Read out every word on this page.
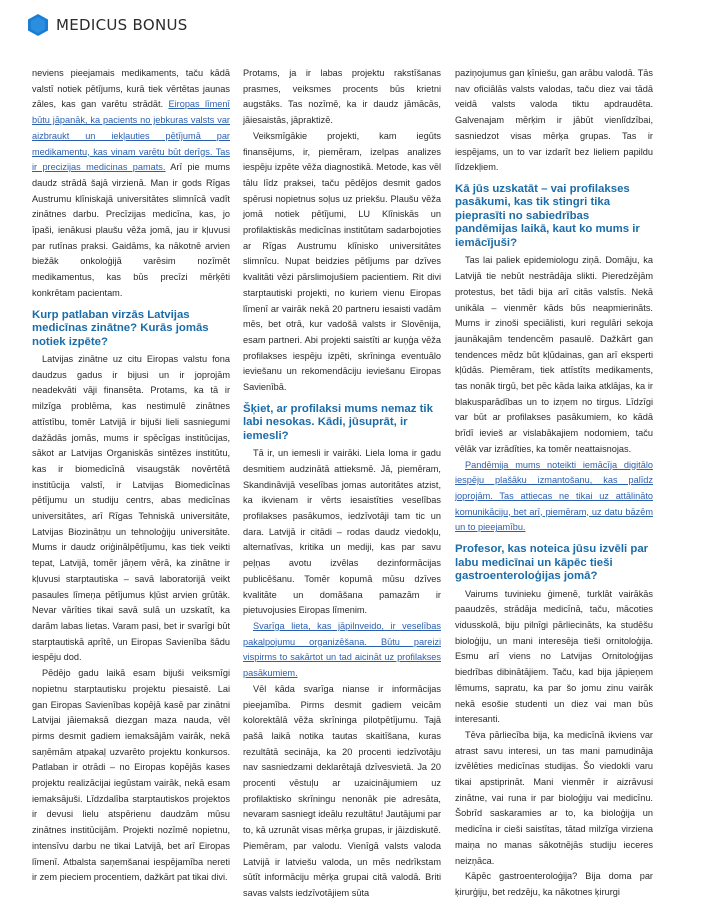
MEDICUS BONUS

neviens pieejamais medikaments, taču kādā valstī notiek pētījums, kurā tiek vērtētas jaunas zāles, kas gan varētu strādāt. Eiropas līmenī būtu jāpanāk, ka pacients no jebkuras valsts var aizbraukt un iekļauties pētījumā par medikamentu, kas vinam varētu būt derīgs. Tas ir precizijas medicinas pamats. Arī pie mums daudz strādā šajā virzienā. Man ir gods Rīgas Austrumu klīniskajā universitātes slimnīcā vadīt zinātnes darbu. Precīzijas medicīna, kas, jo īpaši, ienākusi plaušu vēža jomā, jau ir kļuvusi par rutīnas praksi. Gaidāms, ka nākotnē arvien biežāk onkoloģijā varēsim nozīmēt medikamentus, kas būs precīzi mērķēti konkrētam pacientam.

Kurp patlaban virzās Latvijas medicīnas zinātne? Kurās jomās notiek izpēte?

Latvijas zinātne uz citu Eiropas valstu fona daudzus gadus ir bijusi un ir joprojām neadekvāti vāji finansēta. Protams, ka tā ir milzīga problēma, kas nestimulē zinātnes attīstību, tomēr Latvijā ir bijuši lieli sasniegumi dažādās jomās, mums ir spēcīgas institūcijas, sākot ar Latvijas Organiskās sintēzes institūtu, kas ir biomedicīnā visaugstāk novērtētā institūcija valstī, ir Latvijas Biomedicīnas pētījumu un studiju centrs, abas medicīnas universitātes, arī Rīgas Tehniskā universitāte, Latvijas Biozinātņu un tehnoloģiju universitāte. Mums ir daudz oriģinālpētījumu, kas tiek veikti tepat, Latvijā, tomēr jāņem vērā, ka zinātne ir kļuvusi starptautiska – savā laboratorijā veikt pasaules līmeņa pētījumus kļūst arvien grūtāk. Nevar vārīties tikai savā sulā un uzskatīt, ka darām labas lietas. Varam pasi, bet ir svarīgi būt starptautiskā aprītē, un Eiropas Savienība šādu iespēju dod.

Pēdējo gadu laikā esam bijuši veiksmīgi nopietnu starptautisku projektu piesaistē. Lai gan Eiropas Savienības kopējā kasē par zinātni Latvijai jāiemaksā diezgan maza nauda, vēl pirms desmit gadiem iemaksājām vairāk, nekā saņēmām atpakaļ uzvarēto projektu konkursos. Patlaban ir otrādi – no Eiropas kopējās kases projektu realizācijai iegūstam vairāk, nekā esam iemaksājuši. Līdzdalība starptautiskos projektos ir devusi lielu atspērienu daudzām mūsu zinātnes institūcijām. Projekti nozīmē nopietnu, intensīvu darbu ne tikai Latvijā, bet arī Eiropas līmenī. Atbalsta saņemšanai iespējamība nereti ir zem pieciem procentiem, dažkārt pat tikai divi.

Protams, ja ir labas projektu rakstīšanas prasmes, veiksmes procents būs krietni augstāks. Tas nozīmē, ka ir daudz jāmācās, jāiesaistās, jāpraktizē.

Veiksmīgākie projekti, kam iegūts finansējums, ir, piemēram, izelpas analizes iespēju izpēte vēža diagnostikā. Metode, kas vēl tālu līdz praksei, taču pēdējos desmit gados spērusi nopietnus soļus uz priekšu. Plaušu vēža jomā notiek pētījumi, LU Klīniskās un profilaktiskās medicīnas institūtam sadarbojoties ar Rīgas Austrumu klīnisko universitātes slimnīcu. Nupat beidzies pētījums par dzīves kvalitāti vēzi pārslimojušiem pacientiem. Rit divi starptautiski projekti, no kuriem vienu Eiropas līmenī ar vairāk nekā 20 partneru iesaisti vadām mēs, bet otrā, kur vadošā valsts ir Slovēnija, esam partneri. Abi projekti saistīti ar kuņģa vēža profilakses iespēju izpēti, skrīninga eventuālo ieviešanu un rekomendāciju ieviešanu Eiropas Savienībā.

Šķiet, ar profilaksi mums nemaz tik labi nesokas. Kādi, jūsuprāt, ir iemesli?

Tā ir, un iemesli ir vairāki. Liela loma ir gadu desmitiem audzinātā attieksmē. Jā, piemēram, Skandināvijā veselības jomas autoritātes atzist, ka ikvienam ir vērts iesaistīties veselības profilakses pasākumos, iedzīvotāji tam tic un dara. Latvijā ir citādi – rodas daudz viedokļu, alternatīvas, kritika un mediji, kas par savu peļņas avotu izvēlas dezinformācijas publicēšanu. Tomēr kopumā mūsu dzīves kvalitāte un domāšana pamazām ir pietuvojusies Eiropas līmenim.

Svarīga lieta, kas jāpilnveido, ir veselības pakalpojumu organizēšana. Būtu pareizi vispirms to sakārtot un tad aicināt uz profilakses pasākumiem.

Vēl kāda svarīga nianse ir informācijas pieejamība. Pirms desmit gadiem veicām kolorektālā vēža skrīninga pilotpētījumu. Tajā pašā laikā notika tautas skaitīšana, kuras rezultātā secināja, ka 20 procenti iedzīvotāju nav sasniedzami deklarētajā dzīvesvietā. Ja 20 procenti vēstuļu ar uzaicinājumiem uz profilaktisko skrīningu nenonāk pie adresāta, nevaram sasniegt ideālu rezultātu! Jautājumi par to, kā uzrunāt visas mērķa grupas, ir jāizdiskutē. Piemēram, par valodu. Vienīgā valsts valoda Latvijā ir latviešu valoda, un mēs nedrīkstam sūtīt informāciju mērķa grupai citā valodā. Briti savas valsts iedzīvotājiem sūta

paziņojumus gan ķīniešu, gan arābu valodā. Tās nav oficiālās valsts valodas, taču diez vai tādā veidā valsts valoda tiktu apdraudēta. Galvenajam mērķim ir jābūt vienlīdzībai, sasniedzot visas mērķa grupas. Tas ir iespējams, un to var izdarīt bez lieliem papildu līdzekļiem.

Kā jūs uzskatāt – vai profilakses pasākumi, kas tik stingri tika pieprasīti no sabiedrības pandēmijas laikā, kaut ko mums ir iemācījuši?

Tas lai paliek epidemiologu ziņā. Domāju, ka Latvijā tie nebūt nestrādāja slikti. Pieredzējām protestus, bet tādi bija arī citās valstīs. Nekā unikāla – vienmēr kāds būs neapmierināts. Mums ir zinoši speciālisti, kuri regulāri sekoja jaunākajām tendencēm pasaulē. Dažkārt gan tendences mēdz būt kļūdainas, gan arī eksperti kļūdās. Piemēram, tiek attīstīts medikaments, tas nonāk tirgū, bet pēc kāda laika atklājas, ka ir blakusparādības un to izņem no tirgus. Līdzīgi var būt ar profilakses pasākumiem, ko kādā brīdī ievieš ar vislabākajiem nodomiem, taču vēlāk var izrādīties, ka tomēr neattaisnojas.

Pandēmija mums noteikti iemācīja digitālo iespēju plašāku izmantošanu, kas palīdz joprojām. Tas attiecas ne tikai uz attālināto komunikāciju, bet arī, piemēram, uz datu bāzēm un to pieejamību.

Profesor, kas noteica jūsu izvēli par labu medicīnai un kāpēc tieši gastroenteroloģijas jomā?

Vairums tuvinieku ģimenē, turklāt vairākās paaudzēs, strādāja medicīnā, taču, mācoties vidusskolā, biju pilnīgi pārliecināts, ka studēšu bioloģiju, un mani interesēja tieši ornitoloģija. Esmu arī viens no Latvijas Ornitoloģijas biedrības dibinātājiem. Taču, kad bija jāpieņem lēmums, sapratu, ka par šo jomu zinu vairāk nekā esošie studenti un diez vai man būs interesanti.

Tēva pārliecība bija, ka medicīnā ikviens var atrast savu interesi, un tas mani pamudināja izvēlēties medicīnas studijas. Šo viedokli varu tikai apstiprināt. Mani vienmēr ir aizrāvusi zinātne, vai runa ir par bioloģiju vai medicīnu. Šobrīd saskaramies ar to, ka bioloģija un medicīna ir cieši saistītas, tātad milzīga virziena maiņa no manas sākotnējās studiju ieceres neizņāca.

Kāpēc gastroenteroloģija? Bija doma par ķirurģiju, bet redzēju, ka nākotnes ķirurgi
